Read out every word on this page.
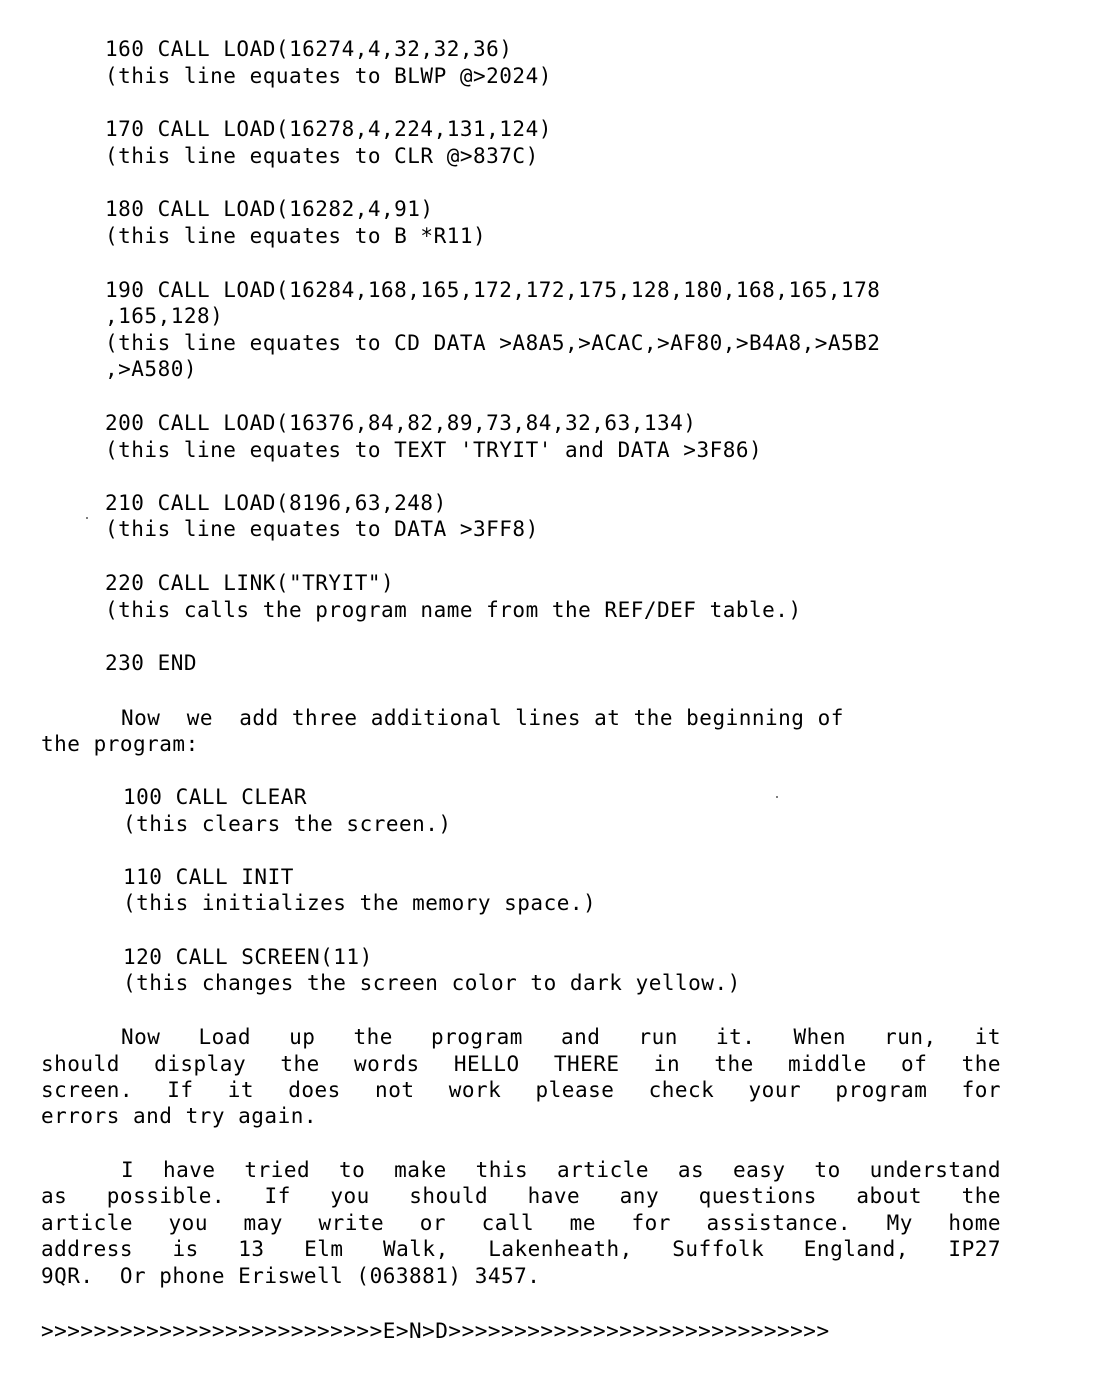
160 CALL LOAD(16274,4,32,32,36)
(this line equates to BLWP @>2024)
170 CALL LOAD(16278,4,224,131,124)
(this line equates to CLR @>837C)
180 CALL LOAD(16282,4,91)
(this line equates to B *R11)
190 CALL LOAD(16284,168,165,172,172,175,128,180,168,165,178
,165,128)
(this line equates to CD DATA >A8A5,>ACAC,>AF80,>B4A8,>A5B2
,>A580)
200 CALL LOAD(16376,84,82,89,73,84,32,63,134)
(this line equates to TEXT 'TRYIT' and DATA >3F86)
210 CALL LOAD(8196,63,248)
(this line equates to DATA >3FF8)
220 CALL LINK("TRYIT")
(this calls the program name from the REF/DEF table.)
230 END
Now  we  add three additional lines at the beginning of
the program:
100 CALL CLEAR
(this clears the screen.)
110 CALL INIT
(this initializes the memory space.)
120 CALL SCREEN(11)
(this changes the screen color to dark yellow.)
Now Load up the program and run it. When run, it
should display the words HELLO THERE in the middle of the
screen. If it does not work please check your program for
errors and try again.
I have tried to make this article as easy to understand
as possible. If you should have any questions about the
article you may write or call me for assistance. My home
address is 13 Elm Walk, Lakenheath, Suffolk England, IP27
9QR.  Or phone Eriswell (063881) 3457.
>>>>>>>>>>>>>>>>>>>>>>>>>>E>N>D>>>>>>>>>>>>>>>>>>>>>>>>>>>>>
